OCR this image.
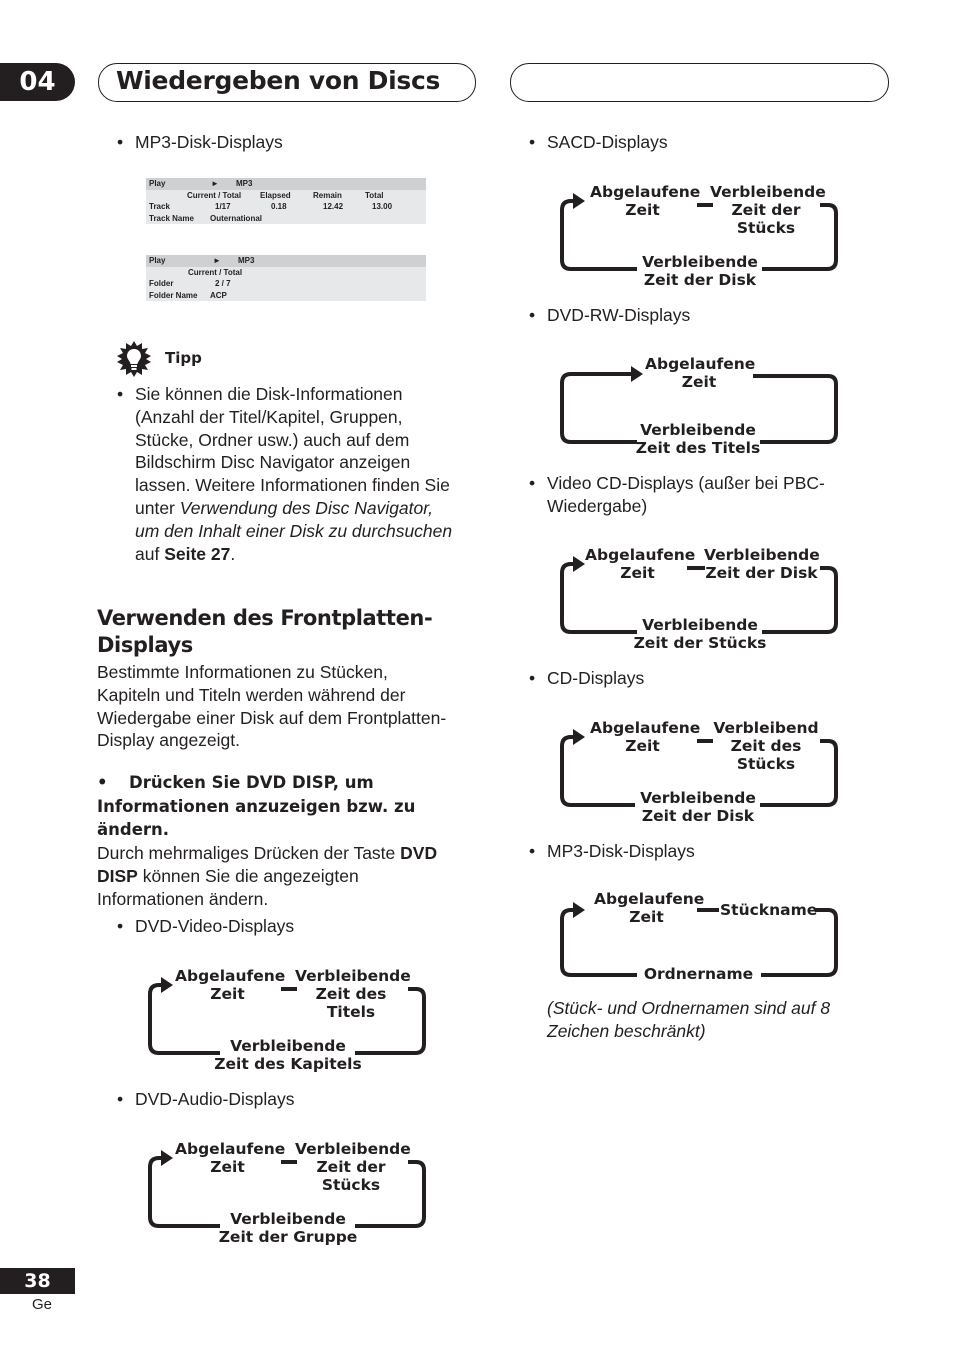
04	Wiedergeben von Discs
• MP3-Disk-Displays
Play	► MP3
Current / Total Elapsed	Remain	Total
Track	1/17	0.18	12.42	13.00
Track Name Outernational
Play	► MP3
Current / Total
Folder	2 / 7
Folder Name ACP
Tipp
• Sie können die Disk-Informationen
(Anzahl der Titel/Kapitel, Gruppen,
Stücke, Ordner usw.) auch auf dem
Bildschirm Disc Navigator anzeigen
lassen. Weitere Informationen finden Sie
unter Verwendung des Disc Navigator,
um den Inhalt einer Disk zu durchsuchen
auf Seite 27.
Verwenden des Frontplatten-
Displays
Bestimmte Informationen zu Stücken,
Kapiteln und Titeln werden während der
Wiedergabe einer Disk auf dem Frontplatten-
Display angezeigt.
• Drücken Sie DVD DISP, um
Informationen anzuzeigen bzw. zu
ändern.
Durch mehrmaliges Drücken der Taste DVD
DISP können Sie die angezeigten
Informationen ändern.
• DVD-Video-Displays
Abgelaufene
Zeit
Verbleibende
Zeit des
Titels
Verbleibende
Zeit des Kapitels
• DVD-Audio-Displays
Abgelaufene
Zeit
Verbleibende
Zeit der
Stücks
Verbleibende
Zeit der Gruppe
• SACD-Displays
Abgelaufene
Zeit
Verbleibende
Zeit der
Stücks
Verbleibende
Zeit der Disk
• DVD-RW-Displays
Abgelaufene
Zeit
Verbleibende
Zeit des Titels
• Video CD-Displays (außer bei PBC-
Wiedergabe)
Abgelaufene
Zeit
Verbleibende
Zeit der Disk
Verbleibende
Zeit der Stücks
• CD-Displays
Abgelaufene
Zeit
Verbleibend
Zeit des
Stücks
Verbleibende
Zeit der Disk
• MP3-Disk-Displays
Abgelaufene
Zeit	Stückname
Ordnername
(Stück- und Ordnernamen sind auf 8
Zeichen beschränkt)
38
Ge
